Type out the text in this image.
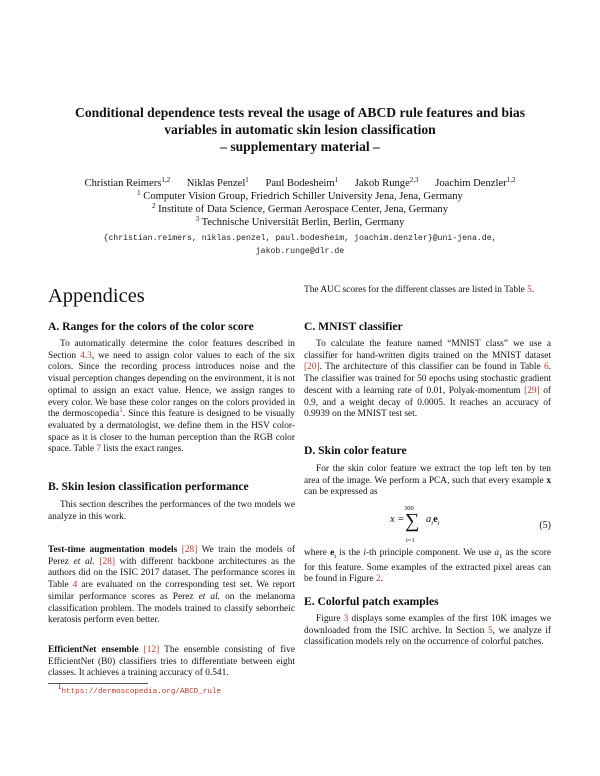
Conditional dependence tests reveal the usage of ABCD rule features and bias
variables in automatic skin lesion classification
– supplementary material –
Christian Reimers$^{1,2}$ Niklas Penzel$^1$ Paul Bodesheim$^1$ Jakob Runge$^{2,3}$ Joachim Denzler$^{1,2}$
$^1$ Computer Vision Group, Friedrich Schiller University Jena, Jena, Germany
$^2$ Institute of Data Science, German Aerospace Center, Jena, Germany
$^3$ Technische Universität Berlin, Berlin, Germany
{christian.reimers, niklas.penzel, paul.bodesheim, joachim.denzler}@uni-jena.de,
jakob.runge@dlr.de
Appendices
A. Ranges for the colors of the color score

To automatically determine the color features described in Section 4.3, we need to assign color values to each of the six colors. Since the recording process introduces noise and the visual perception changes depending on the environment, it is not optimal to assign an exact value. Hence, we assign ranges to every color. We base these color ranges on the colors provided in the dermoscopedia$^1$. Since this feature is designed to be visually evaluated by a dermatologist, we define them in the HSV color-space as it is closer to the human perception than the RGB color space. Table 7 lists the exact ranges.

B. Skin lesion classification performance

This section describes the performances of the two models we analyze in this work.

Test-time augmentation models [28] We train the models of Perez et al. [28] with different backbone architectures as the authors did on the ISIC 2017 dataset. The performance scores in Table 4 are evaluated on the corresponding test set. We report similar performance scores as Perez et al. on the melanoma classification problem. The models trained to classify seborrheic keratosis perform even better.

EfficientNet ensemble [12] The ensemble consisting of five EfficientNet (B0) classifiers tries to differentiate between eight classes. It achieves a training accuracy of 0.541.

$^1$https://dermoscopedia.org/ABCD_rule

The AUC scores for the different classes are listed in Table 5.

C. MNIST classifier

To calculate the feature named “MNIST class” we use a classifier for hand-written digits trained on the MNIST dataset [20]. The architecture of this classifier can be found in Table 6. The classifier was trained for 50 epochs using stochastic gradient descent with a learning rate of 0.01, Polyak-momentum [29] of 0.9, and a weight decay of 0.0005. It reaches an accuracy of 0.9939 on the MNIST test set.

D. Skin color feature

For the skin color feature we extract the top left ten by ten area of the image. We perform a PCA, such that every example x can be expressed as

x =
300
∑
i=1
$a_ie_i$	(5)

where $e_i$ is the i-th principle component. We use $a_1$ as the score for this feature. Some examples of the extracted pixel areas can be found in Figure 2.

E. Colorful patch examples

Figure 3 displays some examples of the first 10K images we downloaded from the ISIC archive. In Section 5, we analyze if classification models rely on the occurrence of colorful patches.
